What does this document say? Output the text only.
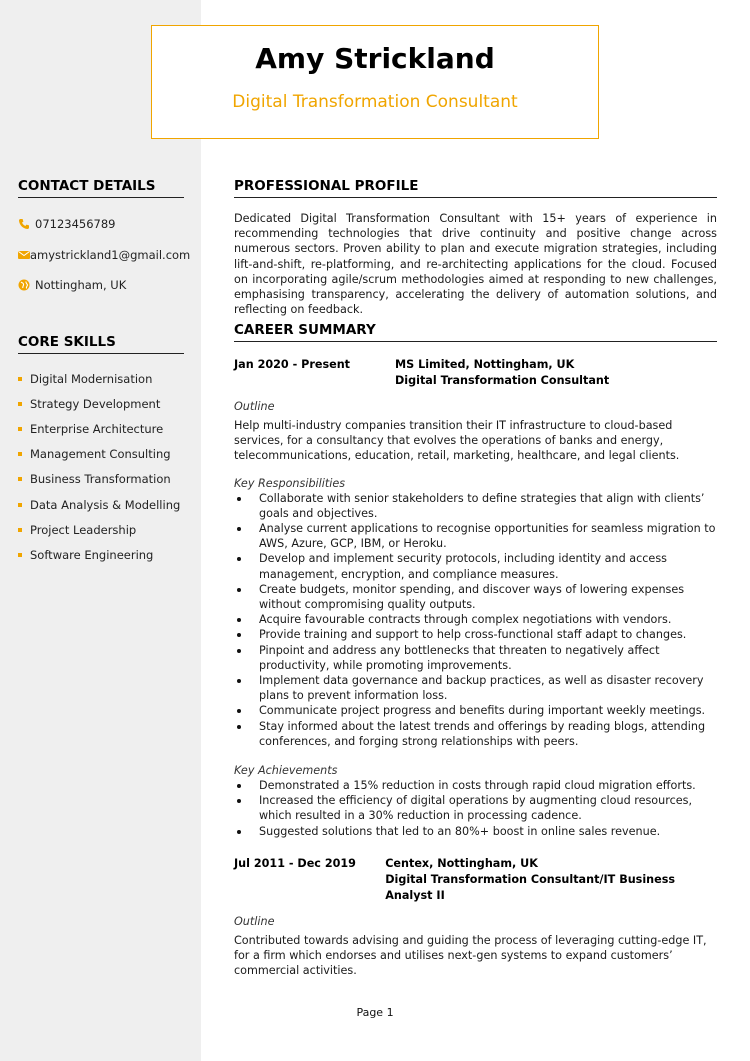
Amy Strickland
Digital Transformation Consultant
CONTACT DETAILS
07123456789
amystrickland1@gmail.com
Nottingham, UK
CORE SKILLS
Digital Modernisation
Strategy Development
Enterprise Architecture
Management Consulting
Business Transformation
Data Analysis & Modelling
Project Leadership
Software Engineering
PROFESSIONAL PROFILE
Dedicated Digital Transformation Consultant with 15+ years of experience in recommending technologies that drive continuity and positive change across numerous sectors. Proven ability to plan and execute migration strategies, including lift-and-shift, re-platforming, and re-architecting applications for the cloud. Focused on incorporating agile/scrum methodologies aimed at responding to new challenges, emphasising transparency, accelerating the delivery of automation solutions, and reflecting on feedback.
CAREER SUMMARY
Jan 2020 - Present	MS Limited, Nottingham, UK
Digital Transformation Consultant
Outline
Help multi-industry companies transition their IT infrastructure to cloud-based services, for a consultancy that evolves the operations of banks and energy, telecommunications, education, retail, marketing, healthcare, and legal clients.
Key Responsibilities
Collaborate with senior stakeholders to define strategies that align with clients’ goals and objectives.
Analyse current applications to recognise opportunities for seamless migration to AWS, Azure, GCP, IBM, or Heroku.
Develop and implement security protocols, including identity and access management, encryption, and compliance measures.
Create budgets, monitor spending, and discover ways of lowering expenses without compromising quality outputs.
Acquire favourable contracts through complex negotiations with vendors.
Provide training and support to help cross-functional staff adapt to changes.
Pinpoint and address any bottlenecks that threaten to negatively affect productivity, while promoting improvements.
Implement data governance and backup practices, as well as disaster recovery plans to prevent information loss.
Communicate project progress and benefits during important weekly meetings.
Stay informed about the latest trends and offerings by reading blogs, attending conferences, and forging strong relationships with peers.
Key Achievements
Demonstrated a 15% reduction in costs through rapid cloud migration efforts.
Increased the efficiency of digital operations by augmenting cloud resources, which resulted in a 30% reduction in processing cadence.
Suggested solutions that led to an 80%+ boost in online sales revenue.
Jul 2011 - Dec 2019	Centex, Nottingham, UK
Digital Transformation Consultant/IT Business Analyst II
Outline
Contributed towards advising and guiding the process of leveraging cutting-edge IT, for a firm which endorses and utilises next-gen systems to expand customers’ commercial activities.
Page 1
